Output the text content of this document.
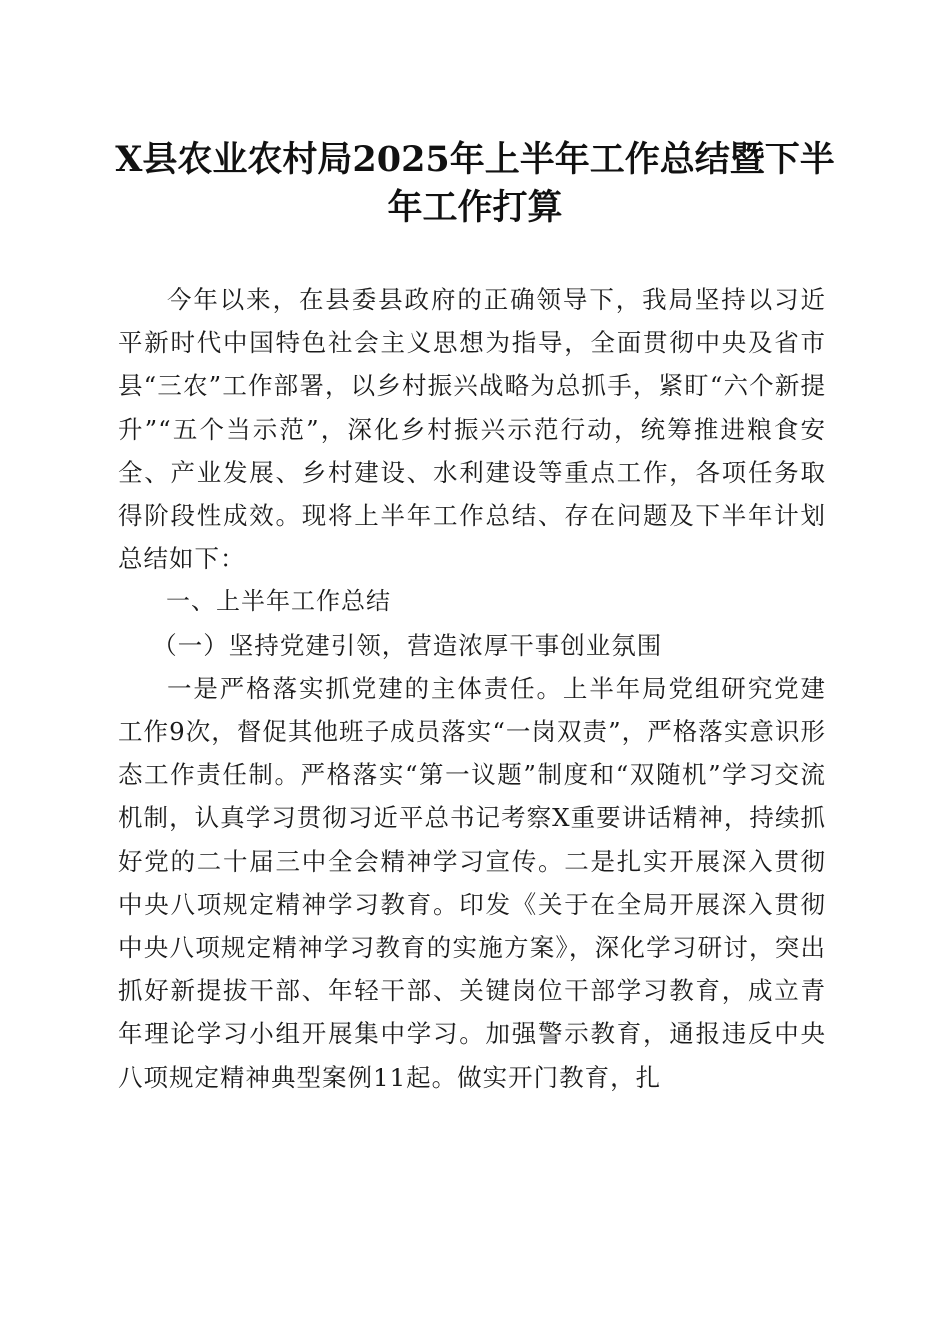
X县农业农村局2025年上半年工作总结暨下半年工作打算

今年以来，在县委县政府的正确领导下，我局坚持以习近平新时代中国特色社会主义思想为指导，全面贯彻中央及省市县“三农”工作部署，以乡村振兴战略为总抓手，紧盯“六个新提升”“五个当示范”，深化乡村振兴示范行动，统筹推进粮食安全、产业发展、乡村建设、水利建设等重点工作，各项任务取得阶段性成效。现将上半年工作总结、存在问题及下半年计划总结如下：

一、上半年工作总结

（一）坚持党建引领，营造浓厚干事创业氛围

一是严格落实抓党建的主体责任。上半年局党组研究党建工作9次，督促其他班子成员落实“一岗双责”，严格落实意识形态工作责任制。严格落实“第一议题”制度和“双随机”学习交流机制，认真学习贯彻习近平总书记考察X重要讲话精神，持续抓好党的二十届三中全会精神学习宣传。二是扎实开展深入贯彻中央八项规定精神学习教育。印发《关于在全局开展深入贯彻中央八项规定精神学习教育的实施方案》，深化学习研讨，突出抓好新提拔干部、年轻干部、关键岗位干部学习教育，成立青年理论学习小组开展集中学习。加强警示教育，通报违反中央八项规定精神典型案例11起。做实开门教育，扎
